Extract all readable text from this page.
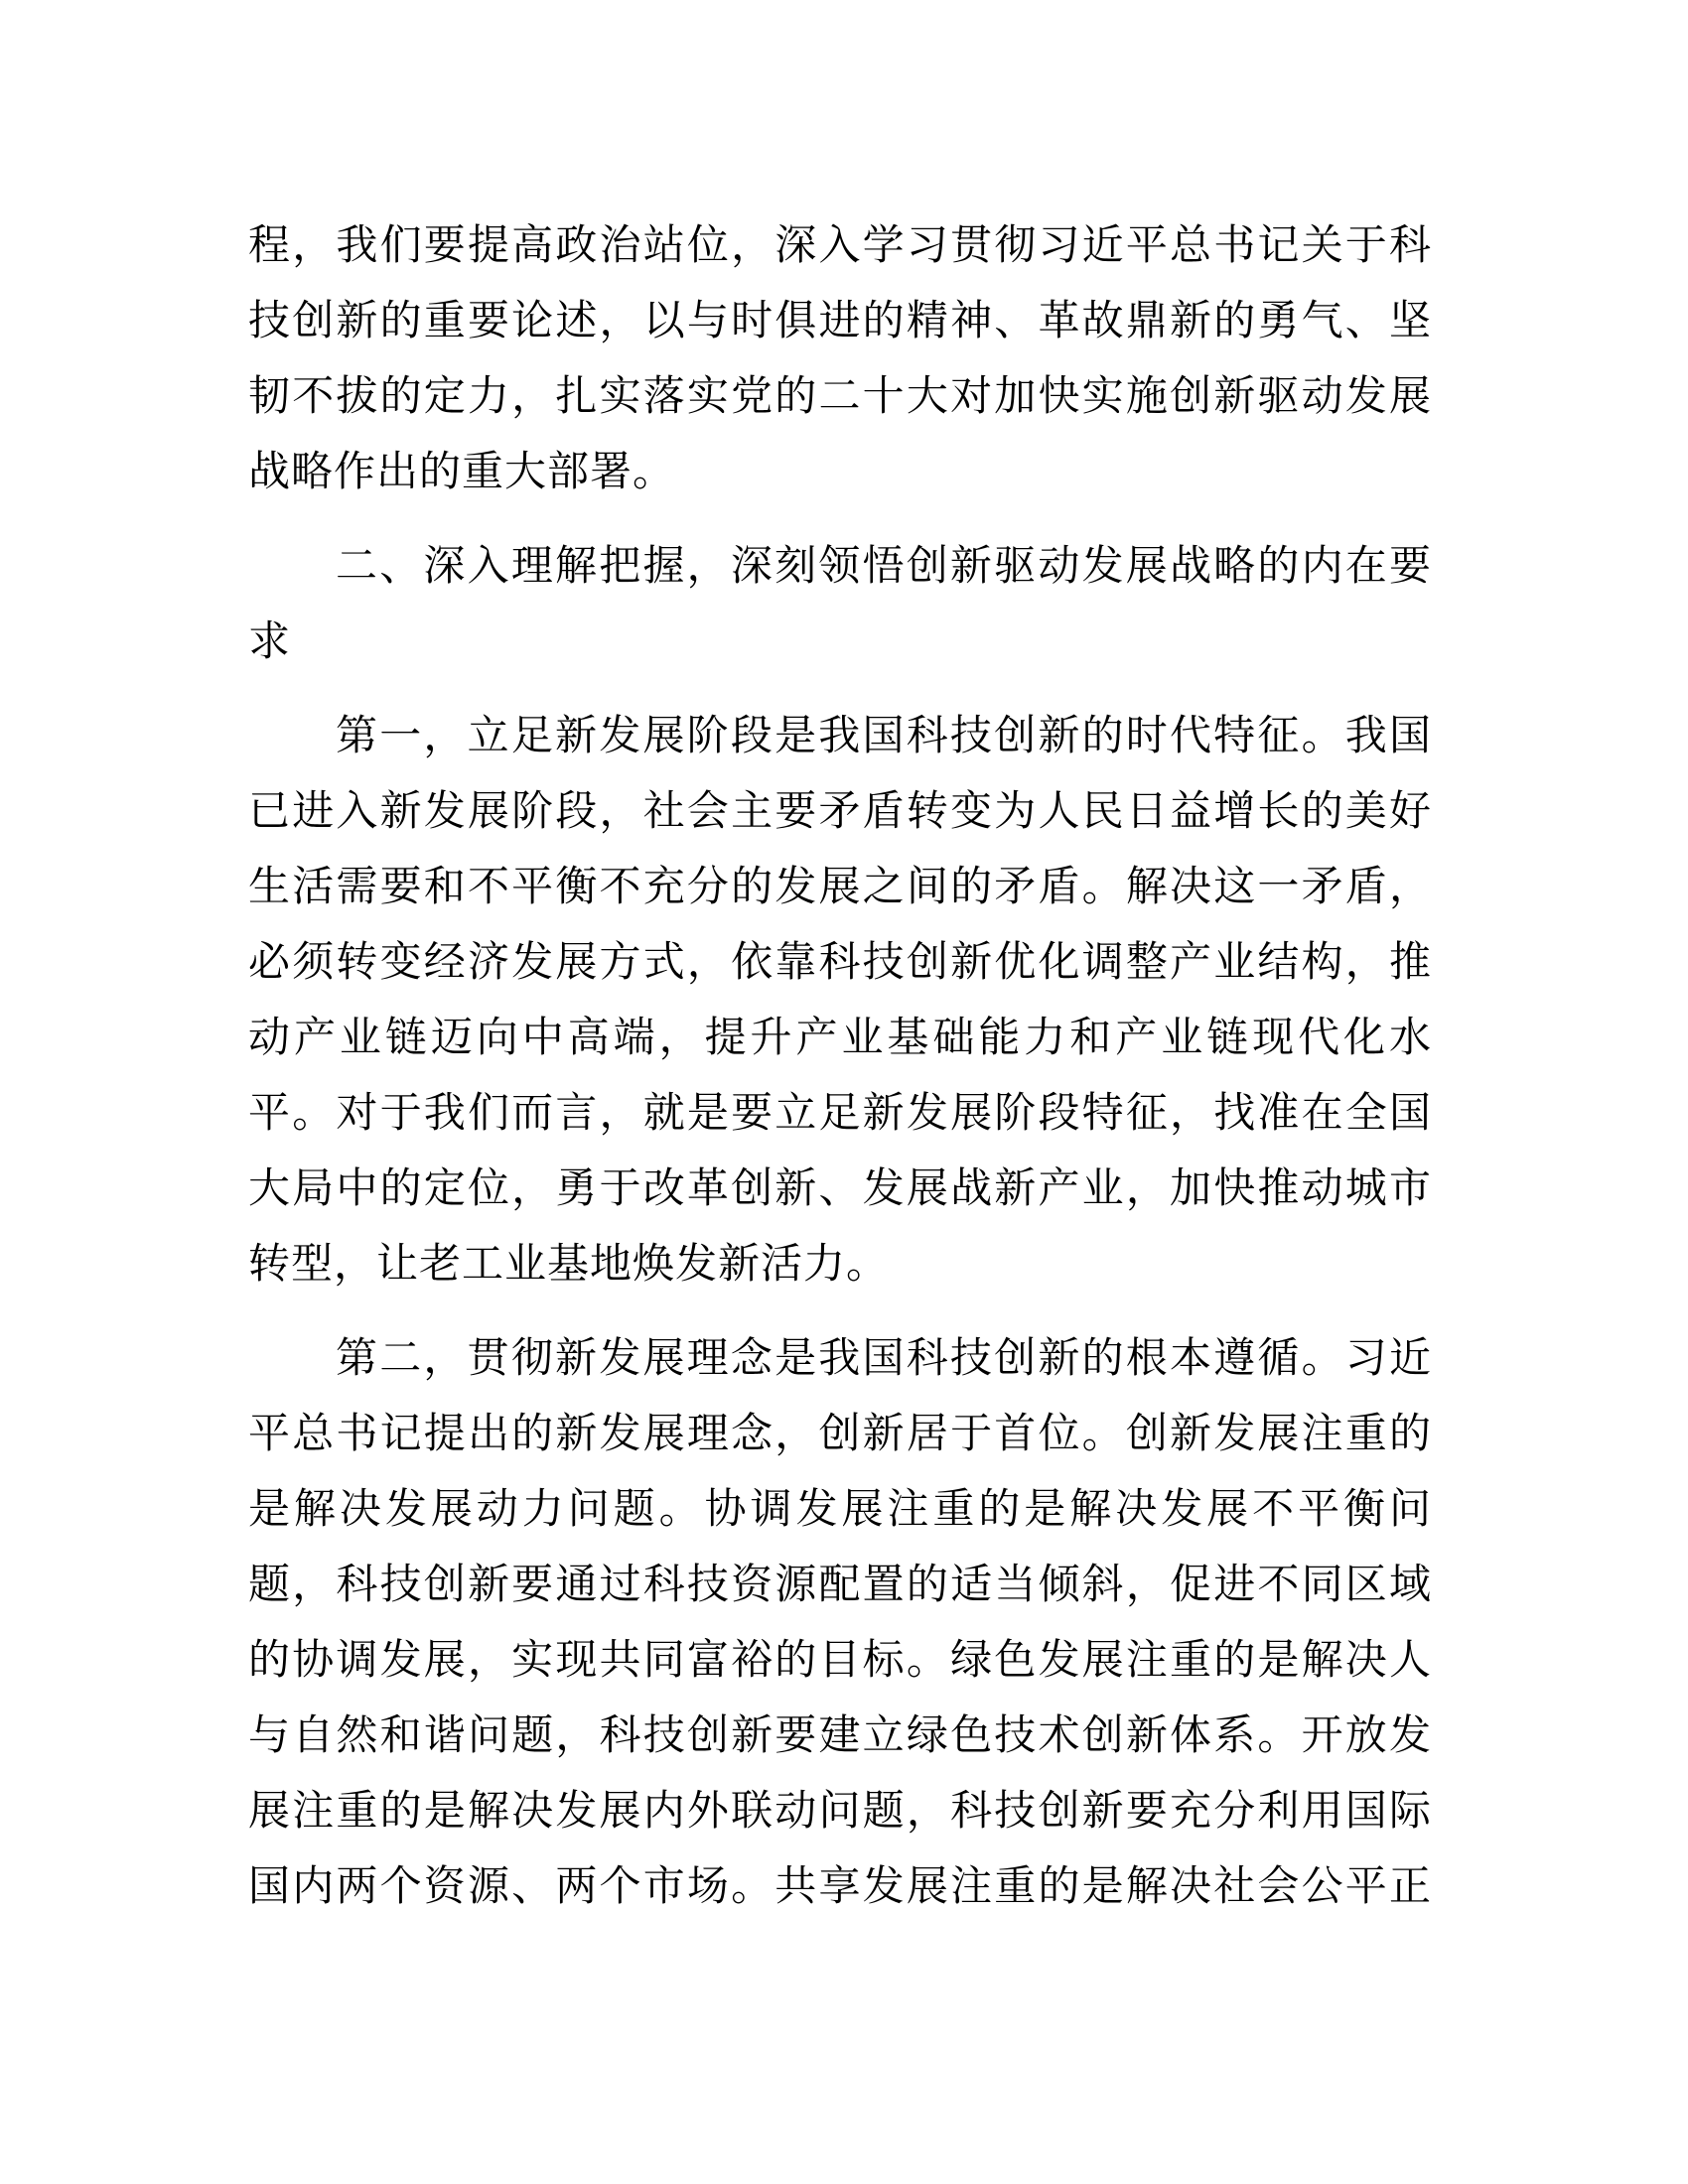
程，我们要提高政治站位，深入学习贯彻习近平总书记关于科
技创新的重要论述，以与时俱进的精神、革故鼎新的勇气、坚
韧不拔的定力，扎实落实党的二十大对加快实施创新驱动发展
战略作出的重大部署。
二、深入理解把握，深刻领悟创新驱动发展战略的内在要
求
第一，立足新发展阶段是我国科技创新的时代特征。我国
已进入新发展阶段，社会主要矛盾转变为人民日益增长的美好
生活需要和不平衡不充分的发展之间的矛盾。解决这一矛盾，
必须转变经济发展方式，依靠科技创新优化调整产业结构，推
动产业链迈向中高端，提升产业基础能力和产业链现代化水
平。对于我们而言，就是要立足新发展阶段特征，找准在全国
大局中的定位，勇于改革创新、发展战新产业，加快推动城市
转型，让老工业基地焕发新活力。
第二，贯彻新发展理念是我国科技创新的根本遵循。习近
平总书记提出的新发展理念，创新居于首位。创新发展注重的
是解决发展动力问题。协调发展注重的是解决发展不平衡问
题，科技创新要通过科技资源配置的适当倾斜，促进不同区域
的协调发展，实现共同富裕的目标。绿色发展注重的是解决人
与自然和谐问题，科技创新要建立绿色技术创新体系。开放发
展注重的是解决发展内外联动问题，科技创新要充分利用国际
国内两个资源、两个市场。共享发展注重的是解决社会公平正
